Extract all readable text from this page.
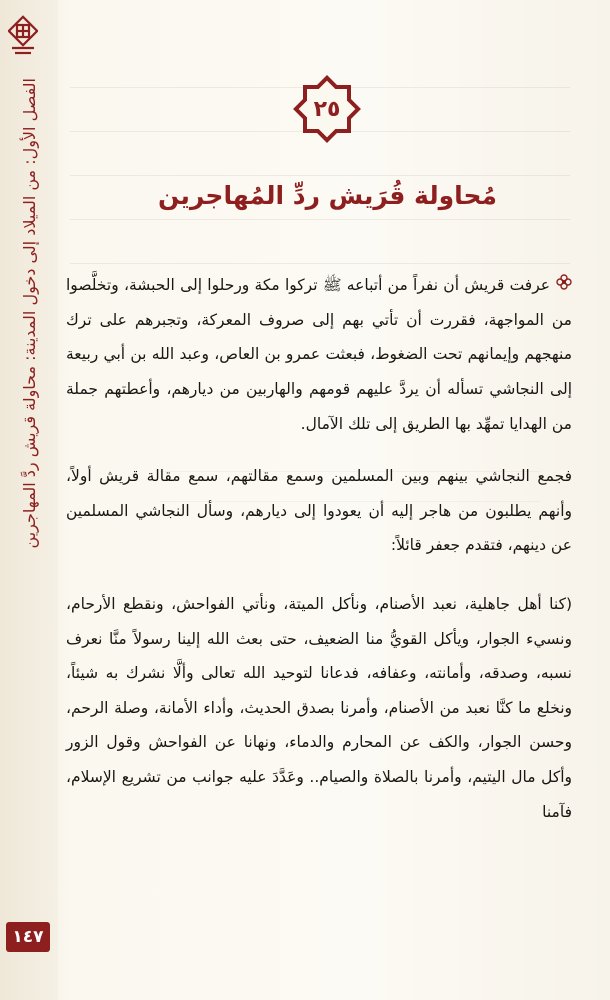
الفصل الأول: من الميلاد إلى دخول المدينة: محاولة قريش ردَّ المهاجرين
١٤٧
٢٥
مُحاولة قُرَيش ردِّ المُهاجرين

عرفت قريش أن نفراً من أتباعه ﷺ تركوا مكة ورحلوا إلى الحبشة، وتخلَّصوا من المواجهة، فقررت أن تأتي بهم إلى صروف المعركة، وتجبرهم على ترك منهجهم وإيمانهم تحت الضغوط، فبعثت عمرو بن العاص، وعبد الله بن أبي ربيعة إلى النجاشي تسأله أن يردَّ عليهم قومهم والهاربين من ديارهم، وأعطتهم جملة من الهدايا تمهِّد بها الطريق إلى تلك الآمال.

فجمع النجاشي بينهم وبين المسلمين وسمع مقالتهم، سمع مقالة قريش أولاً، وأنهم يطلبون من هاجر إليه أن يعودوا إلى ديارهم، وسأل النجاشي المسلمين عن دينهم، فتقدم جعفر قائلاً:

(كنا أهل جاهلية، نعبد الأصنام، ونأكل الميتة، ونأتي الفواحش، ونقطع الأرحام، ونسيء الجوار، ويأكل القويُّ منا الضعيف، حتى بعث الله إلينا رسولاً منَّا نعرف نسبه، وصدقه، وأمانته، وعفافه، فدعانا لتوحيد الله تعالى وألَّا نشرك به شيئاً، ونخلع ما كنَّا نعبد من الأصنام، وأمرنا بصدق الحديث، وأداء الأمانة، وصلة الرحم، وحسن الجوار، والكف عن المحارم والدماء، ونهانا عن الفواحش وقول الزور وأكل مال اليتيم، وأمرنا بالصلاة والصيام.. وعَدَّدَ عليه جوانب من تشريع الإسلام، فآمنا
